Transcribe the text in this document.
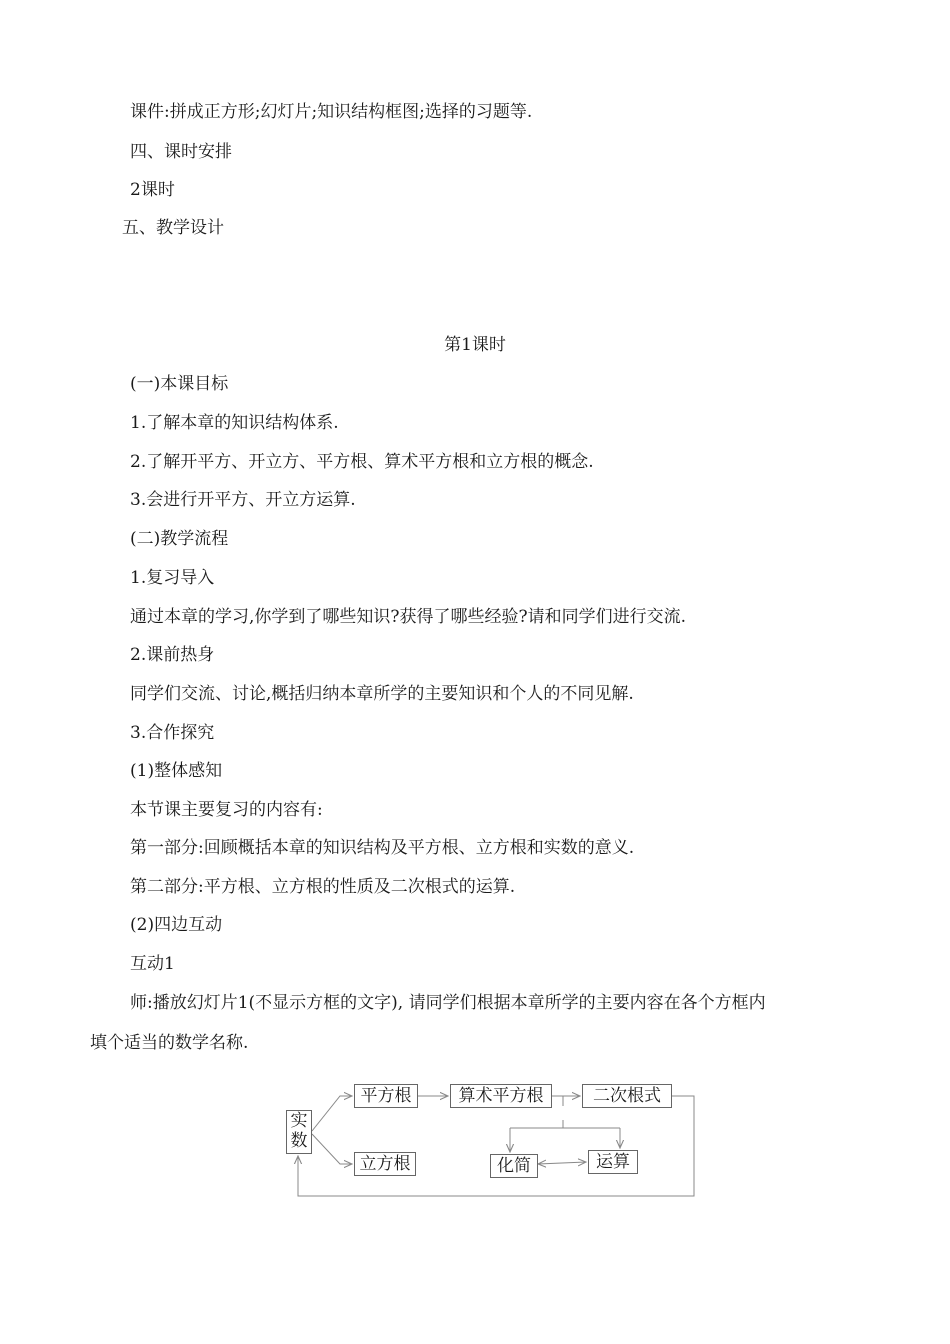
课件:拼成正方形;幻灯片;知识结构框图;选择的习题等.
四、课时安排
2课时
五、教学设计
第1课时
(一)本课目标
1.了解本章的知识结构体系.
2.了解开平方、开立方、平方根、算术平方根和立方根的概念.
3.会进行开平方、开立方运算.
(二)教学流程
1.复习导入
通过本章的学习,你学到了哪些知识?获得了哪些经验?请和同学们进行交流.
2.课前热身
同学们交流、讨论,概括归纳本章所学的主要知识和个人的不同见解.
3.合作探究
(1)整体感知
本节课主要复习的内容有:
第一部分:回顾概括本章的知识结构及平方根、立方根和实数的意义.
第二部分:平方根、立方根的性质及二次根式的运算.
(2)四边互动
互动1
师:播放幻灯片1(不显示方框的文字), 请同学们根据本章所学的主要内容在各个方框内
填个适当的数学名称.
实数
平方根	算术平方根	二次根式
立方根	化简	运算
